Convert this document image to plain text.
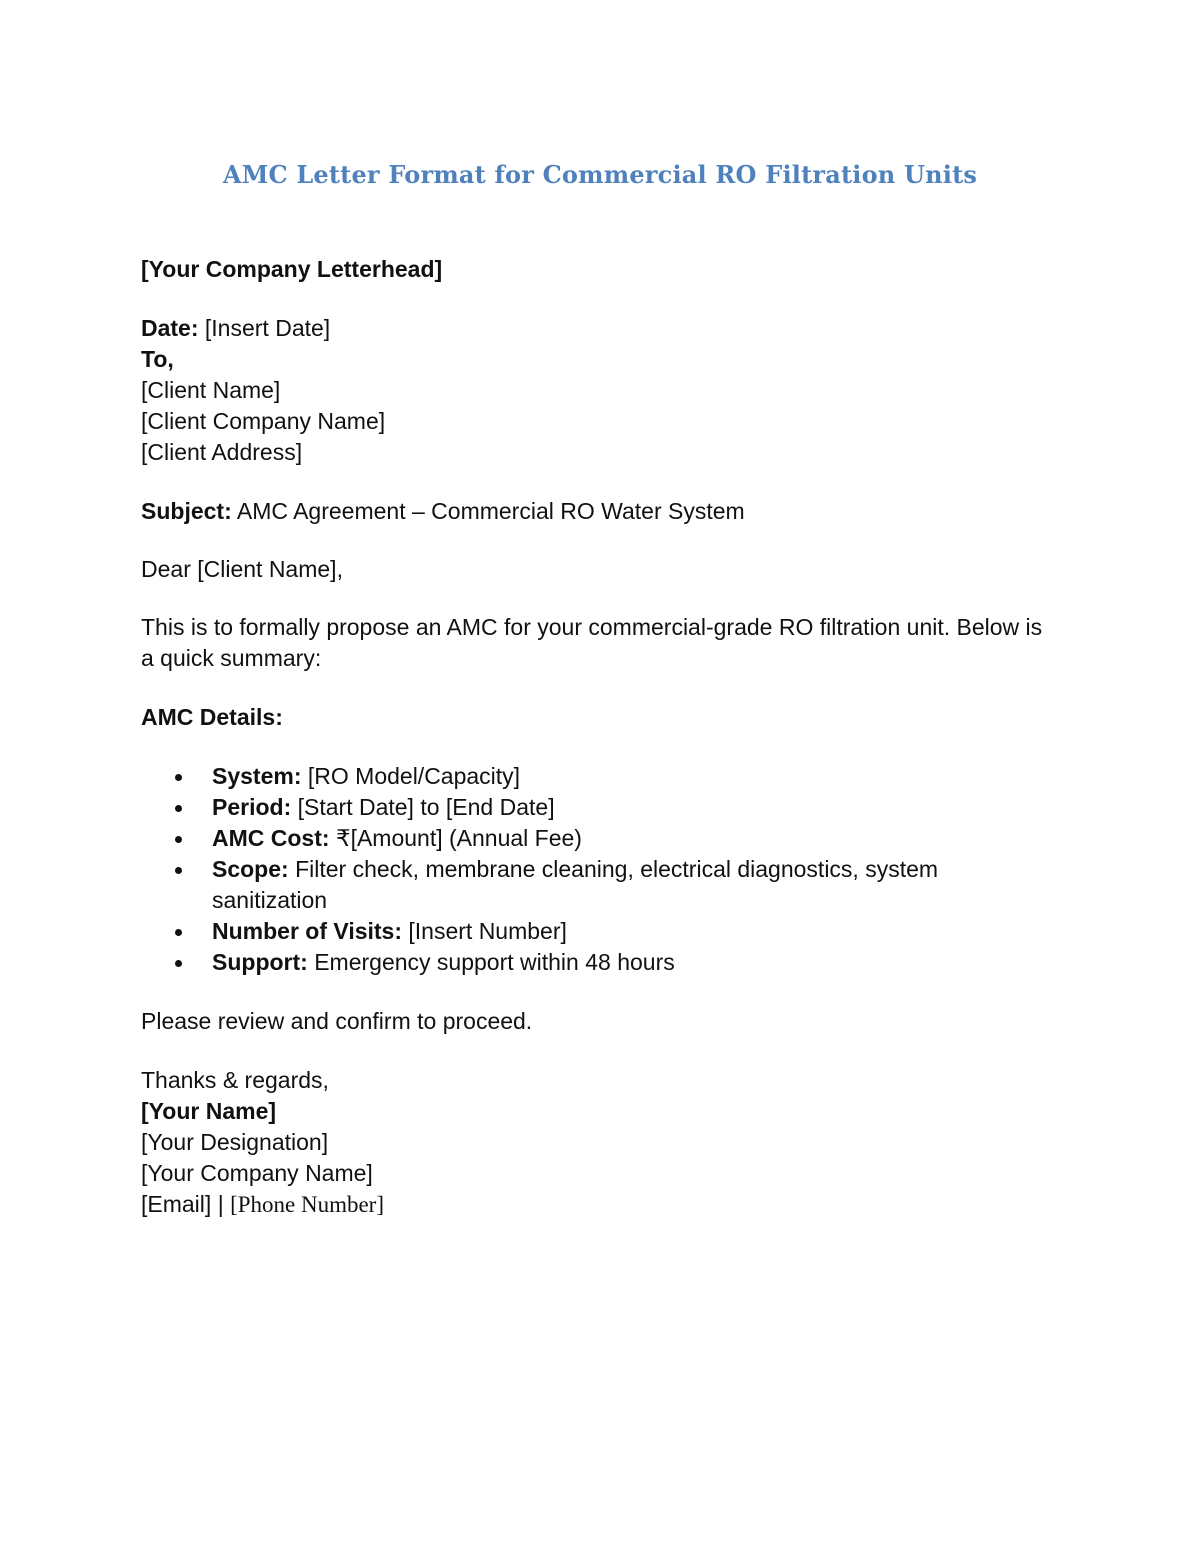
AMC Letter Format for Commercial RO Filtration Units
[Your Company Letterhead]
Date: [Insert Date]
To,
[Client Name]
[Client Company Name]
[Client Address]
Subject: AMC Agreement – Commercial RO Water System
Dear [Client Name],
This is to formally propose an AMC for your commercial-grade RO filtration unit. Below is a quick summary:
AMC Details:
System: [RO Model/Capacity]
Period: [Start Date] to [End Date]
AMC Cost: ₹[Amount] (Annual Fee)
Scope: Filter check, membrane cleaning, electrical diagnostics, system sanitization
Number of Visits: [Insert Number]
Support: Emergency support within 48 hours
Please review and confirm to proceed.
Thanks & regards,
[Your Name]
[Your Designation]
[Your Company Name]
[Email] | [Phone Number]
